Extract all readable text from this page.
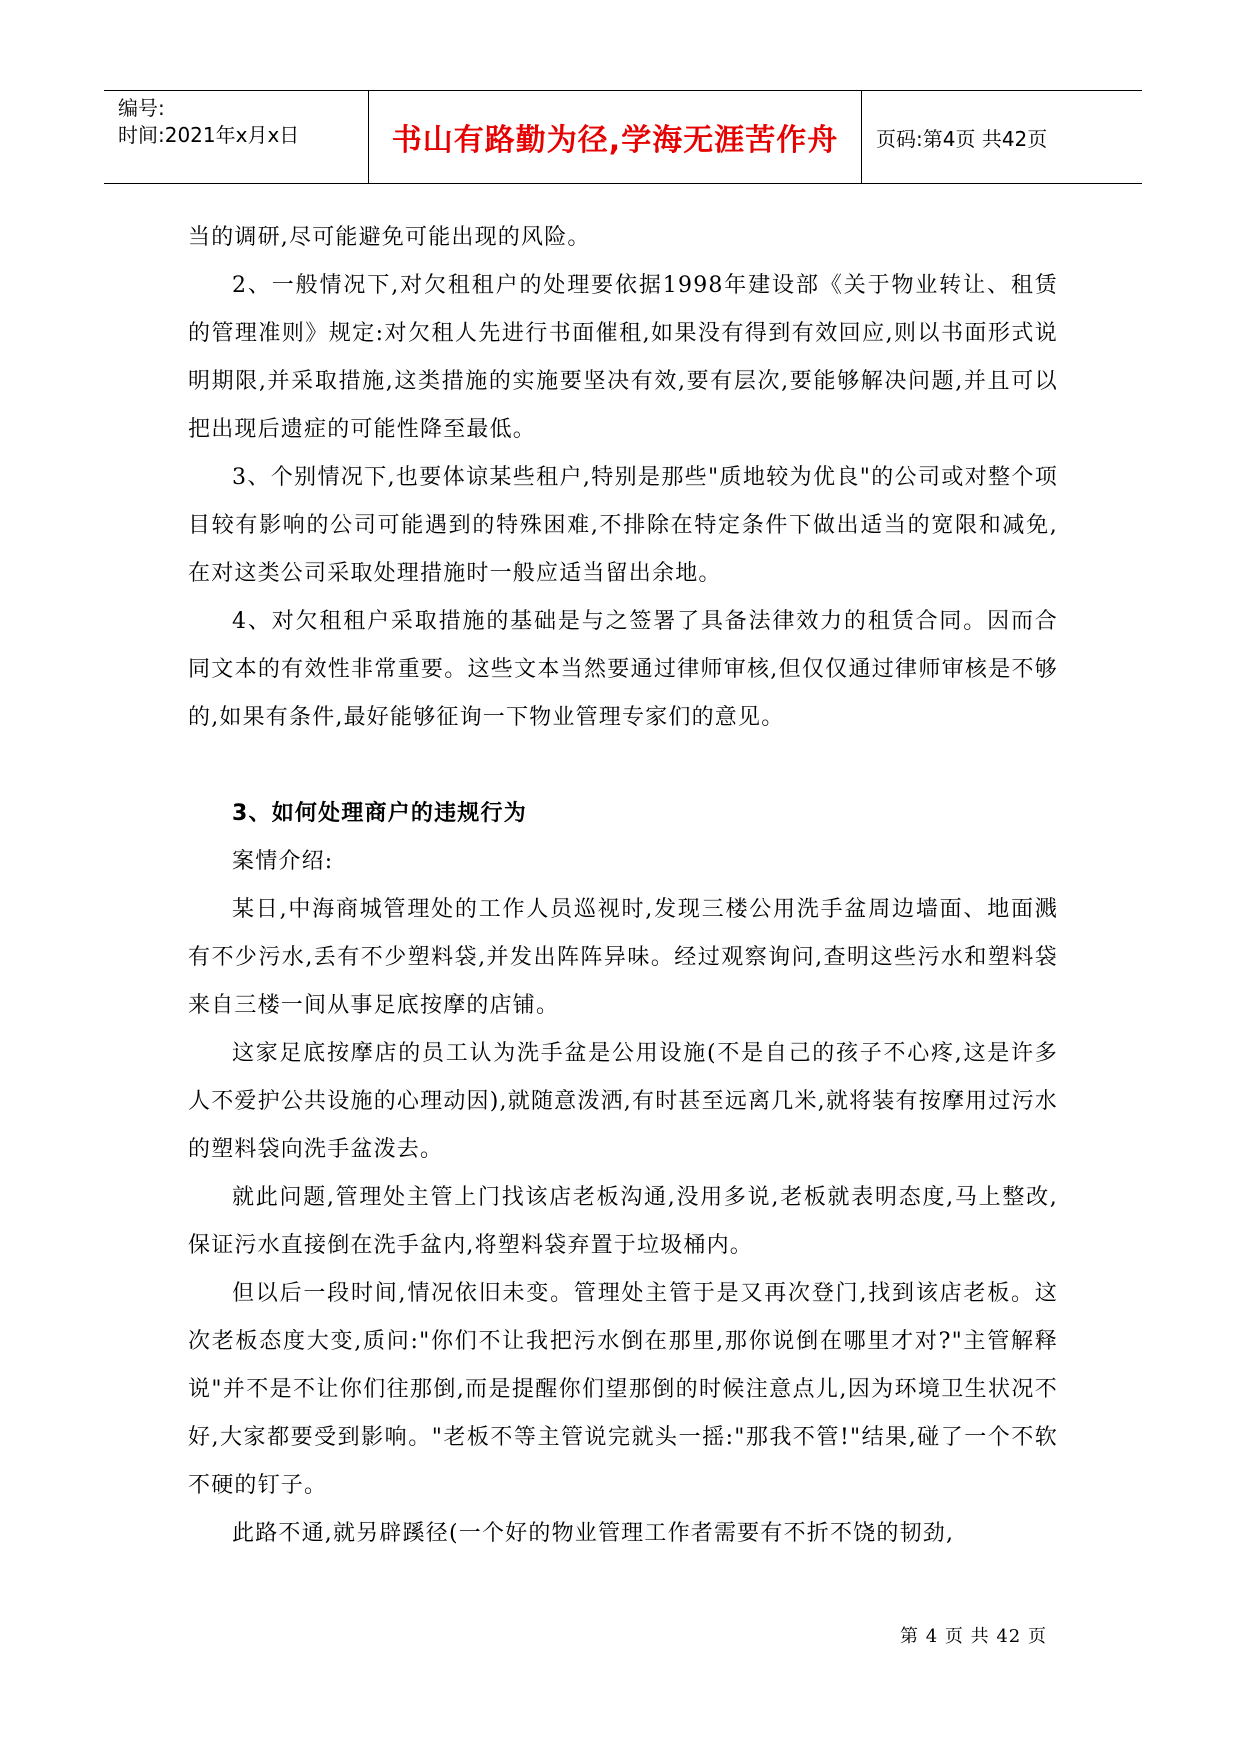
编号:
时间:2021年x月x日	书山有路勤为径,学海无涯苦作舟	页码:第4页 共42页

当的调研,尽可能避免可能出现的风险。

2、一般情况下,对欠租租户的处理要依据1998年建设部《关于物业转让、租赁的管理准则》规定:对欠租人先进行书面催租,如果没有得到有效回应,则以书面形式说明期限,并采取措施,这类措施的实施要坚决有效,要有层次,要能够解决问题,并且可以把出现后遗症的可能性降至最低。

3、个别情况下,也要体谅某些租户,特别是那些"质地较为优良"的公司或对整个项目较有影响的公司可能遇到的特殊困难,不排除在特定条件下做出适当的宽限和减免,在对这类公司采取处理措施时一般应适当留出余地。

4、对欠租租户采取措施的基础是与之签署了具备法律效力的租赁合同。因而合同文本的有效性非常重要。这些文本当然要通过律师审核,但仅仅通过律师审核是不够的,如果有条件,最好能够征询一下物业管理专家们的意见。

3、如何处理商户的违规行为

案情介绍:

某日,中海商城管理处的工作人员巡视时,发现三楼公用洗手盆周边墙面、地面溅有不少污水,丢有不少塑料袋,并发出阵阵异味。经过观察询问,查明这些污水和塑料袋来自三楼一间从事足底按摩的店铺。

这家足底按摩店的员工认为洗手盆是公用设施(不是自己的孩子不心疼,这是许多人不爱护公共设施的心理动因),就随意泼洒,有时甚至远离几米,就将装有按摩用过污水的塑料袋向洗手盆泼去。

就此问题,管理处主管上门找该店老板沟通,没用多说,老板就表明态度,马上整改,保证污水直接倒在洗手盆内,将塑料袋弃置于垃圾桶内。

但以后一段时间,情况依旧未变。管理处主管于是又再次登门,找到该店老板。这次老板态度大变,质问:"你们不让我把污水倒在那里,那你说倒在哪里才对?"主管解释说"并不是不让你们往那倒,而是提醒你们望那倒的时候注意点儿,因为环境卫生状况不好,大家都要受到影响。"老板不等主管说完就头一摇:"那我不管!"结果,碰了一个不软不硬的钉子。

此路不通,就另辟蹊径(一个好的物业管理工作者需要有不折不饶的韧劲,

第 4 页 共 42 页
